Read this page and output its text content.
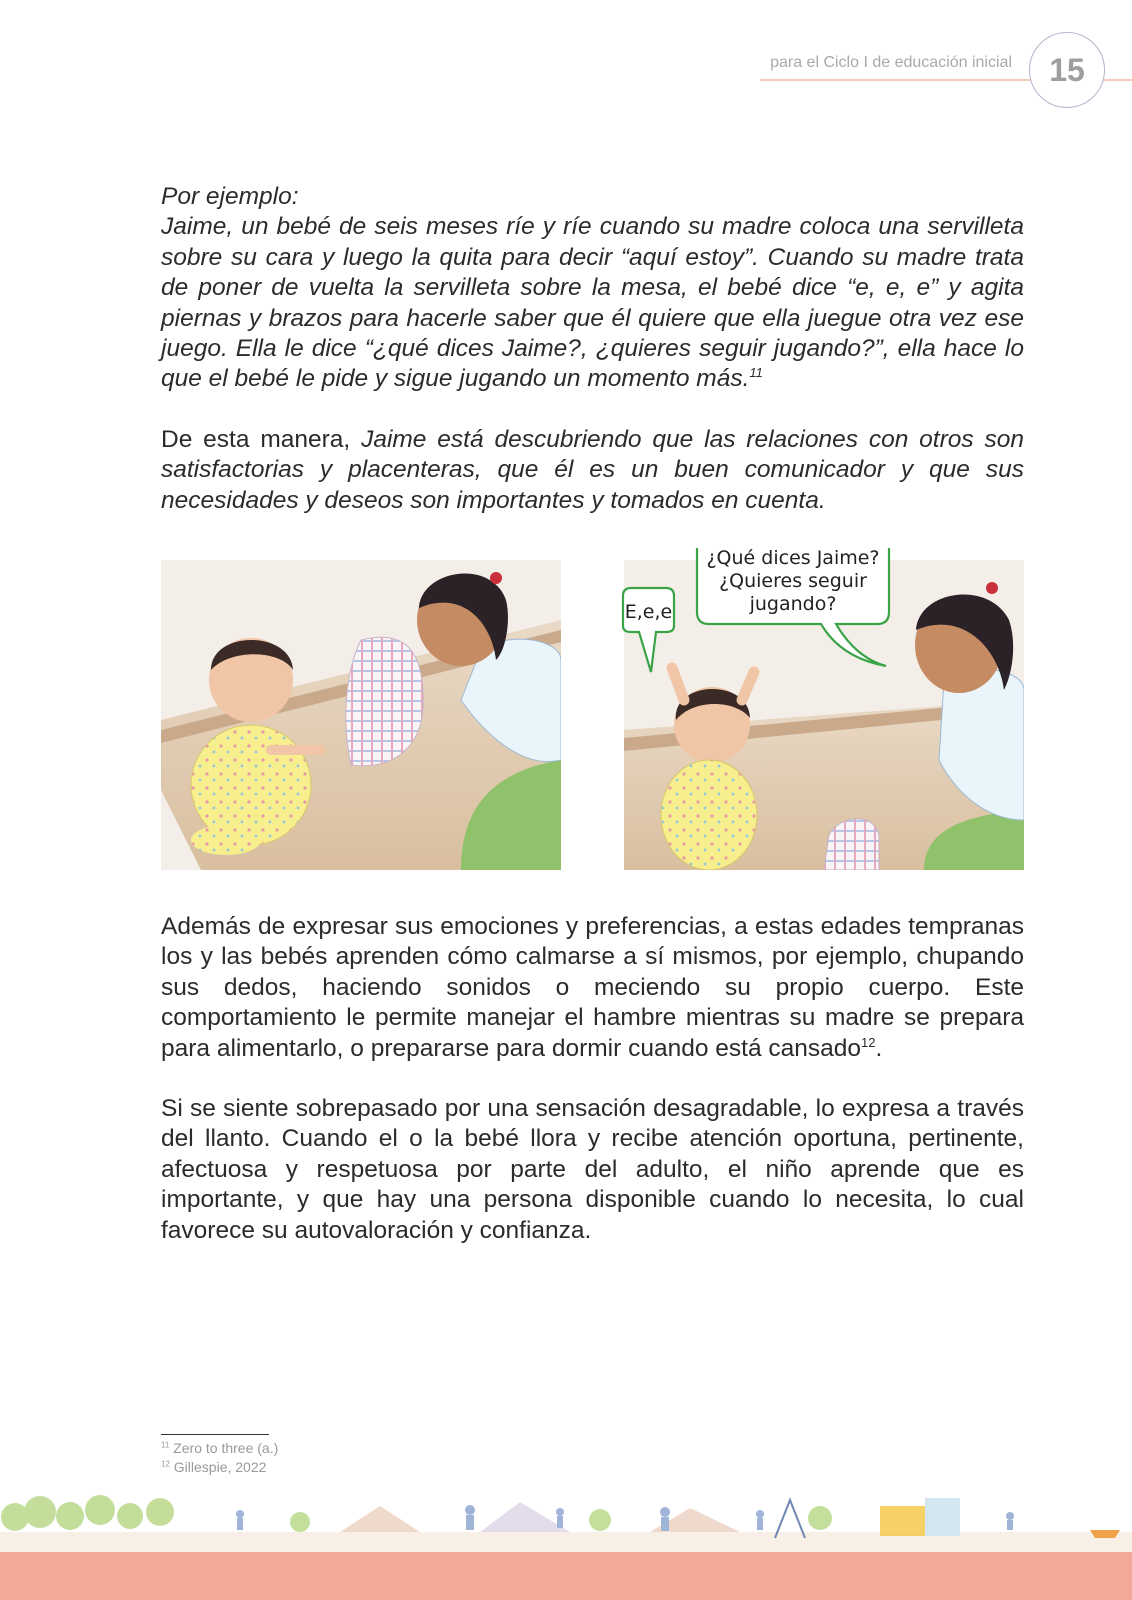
para el Ciclo I de educación inicial	15

Por ejemplo:

Jaime, un bebé de seis meses ríe y ríe cuando su madre coloca una servilleta sobre su cara y luego la quita para decir “aquí estoy”. Cuando su madre trata de poner de vuelta la servilleta sobre la mesa, el bebé dice “e, e, e” y agita piernas y brazos para hacerle saber que él quiere que ella juegue otra vez ese juego. Ella le dice “¿qué dices Jaime?, ¿quieres seguir jugando?”, ella hace lo que el bebé le pide y sigue jugando un momento más.$^{11}$

De esta manera, Jaime está descubriendo que las relaciones con otros son satisfactorias y placenteras, que él es un buen comunicador y que sus necesidades y deseos son importantes y tomados en cuenta.

E,e,e
¿Qué dices Jaime?
¿Quieres seguir
jugando?

Además de expresar sus emociones y preferencias, a estas edades tempranas los y las bebés aprenden cómo calmarse a sí mismos, por ejemplo, chupando sus dedos, haciendo sonidos o meciendo su propio cuerpo. Este comportamiento le permite manejar el hambre mientras su madre se prepara para alimentarlo, o prepararse para dormir cuando está cansado$^{12}$.

Si se siente sobrepasado por una sensación desagradable, lo expresa a través del llanto. Cuando el o la bebé llora y recibe atención oportuna, pertinente, afectuosa y respetuosa por parte del adulto, el niño aprende que es importante, y que hay una persona disponible cuando lo necesita, lo cual favorece su autovaloración y confianza.

$^{11}$ Zero to three (a.)
$^{12}$ Gillespie, 2022
